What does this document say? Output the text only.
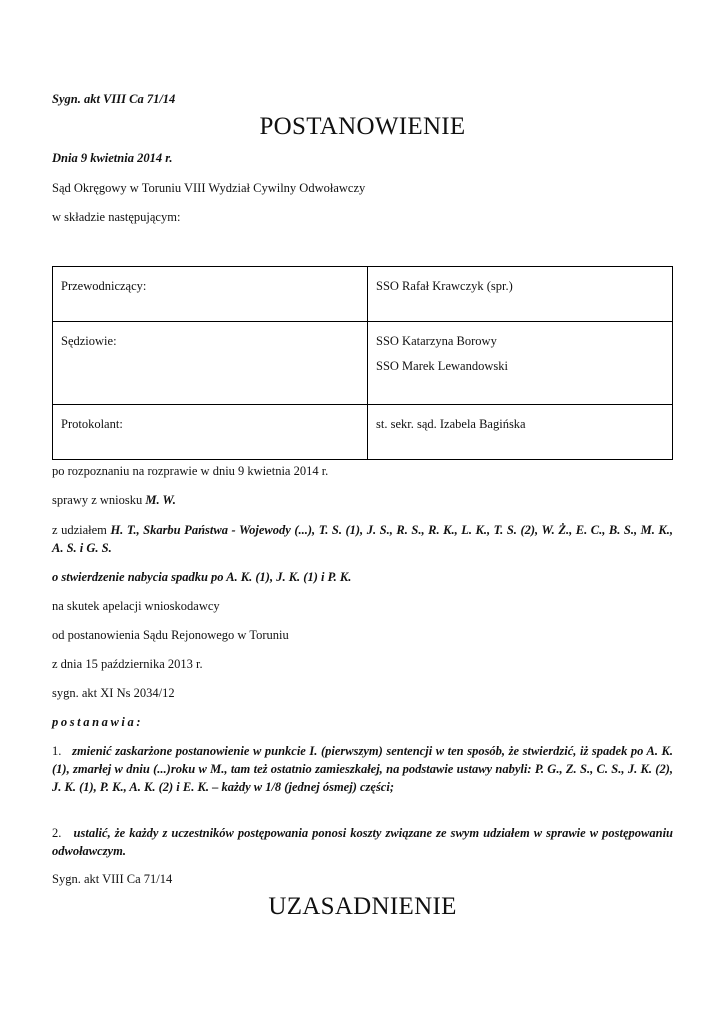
Sygn. akt VIII Ca 71/14
POSTANOWIENIE
Dnia 9 kwietnia 2014 r.
Sąd Okręgowy w Toruniu VIII Wydział Cywilny Odwoławczy
w składzie następującym:
Przewodniczący:	SSO Rafał Krawczyk (spr.)
Sędziowie:	SSO Katarzyna Borowy
SSO Marek Lewandowski

Protokolant:	st. sekr. sąd. Izabela Bagińska
po rozpoznaniu na rozprawie w dniu 9 kwietnia 2014 r.
sprawy z wniosku M. W.
z udziałem H. T., Skarbu Państwa - Wojewody (...), T. S. (1), J. S., R. S., R. K., L. K., T. S. (2), W. Ż., E. C., B. S., M. K., A. S. i G. S.
o stwierdzenie nabycia spadku po A. K. (1), J. K. (1) i P. K.
na skutek apelacji wnioskodawcy
od postanowienia Sądu Rejonowego w Toruniu
z dnia 15 października 2013 r.
sygn. akt XI Ns 2034/12
postanawia:
1. zmienić zaskarżone postanowienie w punkcie I. (pierwszym) sentencji w ten sposób, że stwierdzić, iż spadek po A. K. (1), zmarłej w dniu (...)roku w M., tam też ostatnio zamieszkałej, na podstawie ustawy nabyli: P. G., Z. S., C. S., J. K. (2), J. K. (1), P. K., A. K. (2) i E. K. – każdy w 1/8 (jednej ósmej) części;
2. ustalić, że każdy z uczestników postępowania ponosi koszty związane ze swym udziałem w sprawie w postępowaniu odwoławczym.
Sygn. akt VIII Ca 71/14
UZASADNIENIE
